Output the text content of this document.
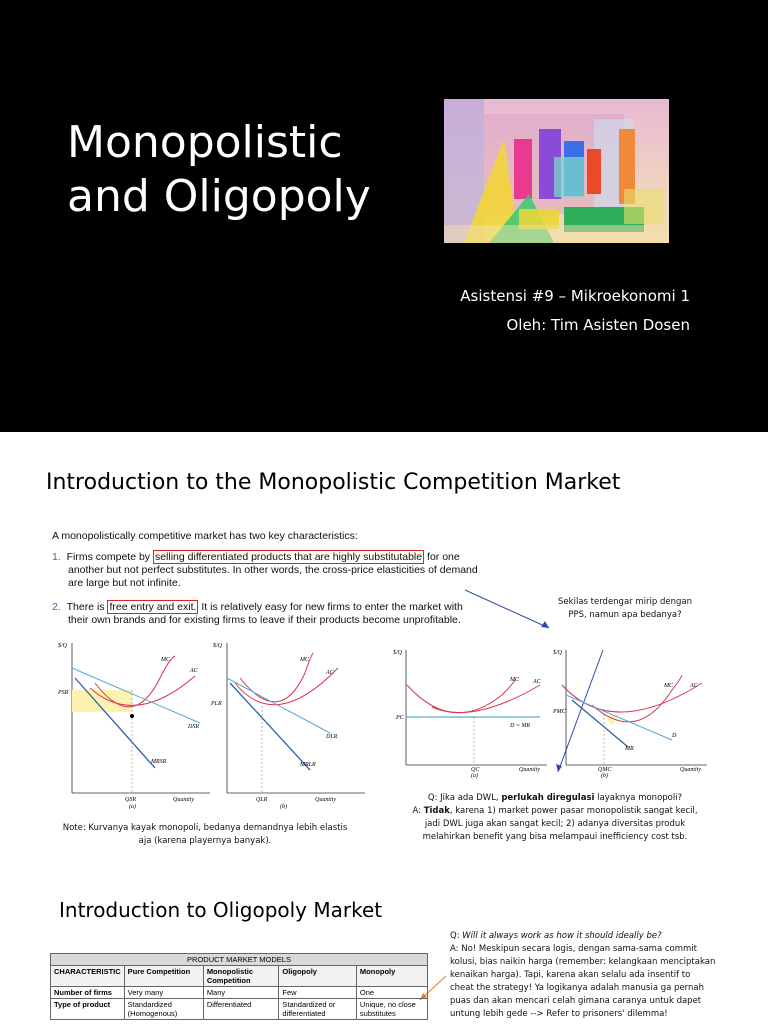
Monopolistic
and Oligopoly
Asistensi #9 – Mikroekonomi 1
Oleh: Tim Asisten Dosen
Introduction to the Monopolistic Competition Market
A monopolistically competitive market has two key characteristics:
1. Firms compete by selling differentiated products that are highly substitutable for one
another but not perfect substitutes. In other words, the cross-price elasticities of demand
are large but not infinite.
2. There is free entry and exit. It is relatively easy for new firms to enter the market with
their own brands and for existing firms to leave if their products become unprofitable.
Sekilas terdengar mirip dengan
PPS, namun apa bedanya?
$/Q
MC
AC
DSR
MRSR
PSR
QSR	Quantity
(a)
$/Q
MC
AC
DLR
MRLR
PLR
QLR	Quantity
(b)
$/Q
MC AC
D = MR
PC
QC	Quantity
(a)
$/Q
MC	AC
D
MR
PMC
QMC	Quantity
(b)
Note: Kurvanya kayak monopoli, bedanya demandnya lebih elastis
aja (karena playernya banyak).
Q: Jika ada DWL, perlukah diregulasi layaknya monopoli?
A: Tidak, karena 1) market power pasar monopolistik sangat kecil,
jadi DWL juga akan sangat kecil; 2) adanya diversitas produk
melahirkan benefit yang bisa melampaui inefficiency cost tsb.
Introduction to Oligopoly Market
Q: Will it always work as how it should ideally be?
A: No! Meskipun secara logis, dengan sama-sama commit
kolusi, bias naikin harga (remember: kelangkaan menciptakan
kenaikan harga). Tapi, karena akan selalu ada insentif to
cheat the strategy! Ya logikanya adalah manusia ga pernah
puas dan akan mencari celah gimana caranya untuk dapet
untung lebih gede --> Refer to prisoners' dilemma!
PRODUCT MARKET MODELS				
CHARACTERISTIC	Pure Competition	Monopolistic Competition	Oligopoly	Monopoly
Number of firms	Very many	Many	Few	One
Type of product	Standardized (Homogenous)	Differentiated	Standardized or differentiated	Unique, no close substitutes
